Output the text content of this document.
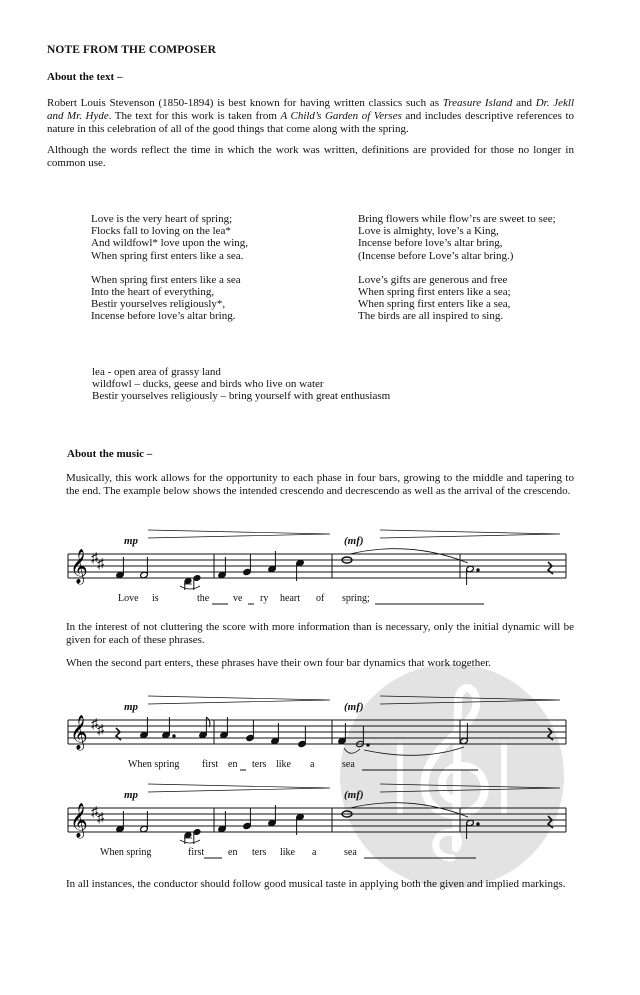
NOTE FROM THE COMPOSER
About the text –
Robert Louis Stevenson (1850-1894) is best known for having written classics such as Treasure Island and Dr. Jekll and Mr. Hyde. The text for this work is taken from A Child’s Garden of Verses and includes descriptive references to nature in this celebration of all of the good things that come along with the spring.
Although the words reflect the time in which the work was written, definitions are provided for those no longer in common use.
Love is the very heart of spring;
Flocks fall to loving on the lea*
And wildfowl* love upon the wing,
When spring first enters like a sea.
When spring first enters like a sea
Into the heart of everything,
Bestir yourselves religiously*,
Incense before love’s altar bring.
Bring flowers while flow’rs are sweet to see;
Love is almighty, love’s a King,
Incense before love’s altar bring,
(Incense before Love’s altar bring.)
Love’s gifts are generous and free
When spring first enters like a sea;
When spring first enters like a sea,
The birds are all inspired to sing.
lea - open area of grassy land
wildfowl – ducks, geese and birds who live on water
Bestir yourselves religiously – bring yourself with great enthusiasm
About the music –
Musically, this work allows for the opportunity to each phase in four bars, growing to the middle and tapering to the end. The example below shows the intended crescendo and decrescendo as well as the arrival of the crescendo.
𝄞 ♯ ♯
mp	(mf)
Love is	the ve ry heart of spring;
In the interest of not cluttering the score with more information than is necessary, only the initial dynamic will be given for each of these phrases.
When the second part enters, these phrases have their own four bar dynamics that work together.
𝄞 ♯ ♯
mp	(mf)
When spring first en ters like a	sea
𝄞 ♯ ♯
mp	(mf)
When spring	first en ters like a	sea
In all instances, the conductor should follow good musical taste in applying both the given and implied markings.
